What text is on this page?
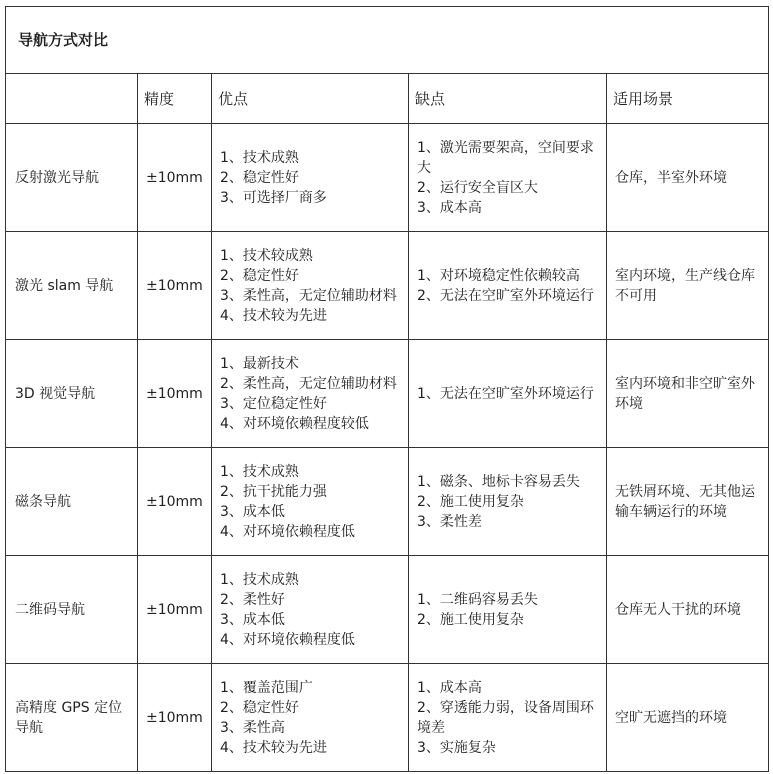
导航方式对比				
	精度	优点	缺点	适用场景
反射激光导航	±10mm	1、技术成熟
2、稳定性好
3、可选择厂商多	1、激光需要架高，空间要求大
2、运行安全盲区大
3、成本高	仓库，半室外环境
激光 slam 导航	±10mm	1、技术较成熟
2、稳定性好
3、柔性高，无定位辅助材料
4、技术较为先进	1、对环境稳定性依赖较高
2、无法在空旷室外环境运行	室内环境，生产线仓库不可用
3D 视觉导航	±10mm	1、最新技术
2、柔性高，无定位辅助材料
3、定位稳定性好
4、对环境依赖程度较低	1、无法在空旷室外环境运行	室内环境和非空旷室外环境
磁条导航	±10mm	1、技术成熟
2、抗干扰能力强
3、成本低
4、对环境依赖程度低	1、磁条、地标卡容易丢失
2、施工使用复杂
3、柔性差	无铁屑环境、无其他运输车辆运行的环境
二维码导航	±10mm	1、技术成熟
2、柔性好
3、成本低
4、对环境依赖程度低	1、二维码容易丢失
2、施工使用复杂	仓库无人干扰的环境
高精度 GPS 定位导航	±10mm	1、覆盖范围广
2、稳定性好
3、柔性高
4、技术较为先进	1、成本高
2、穿透能力弱，设备周围环境差
3、实施复杂	空旷无遮挡的环境
